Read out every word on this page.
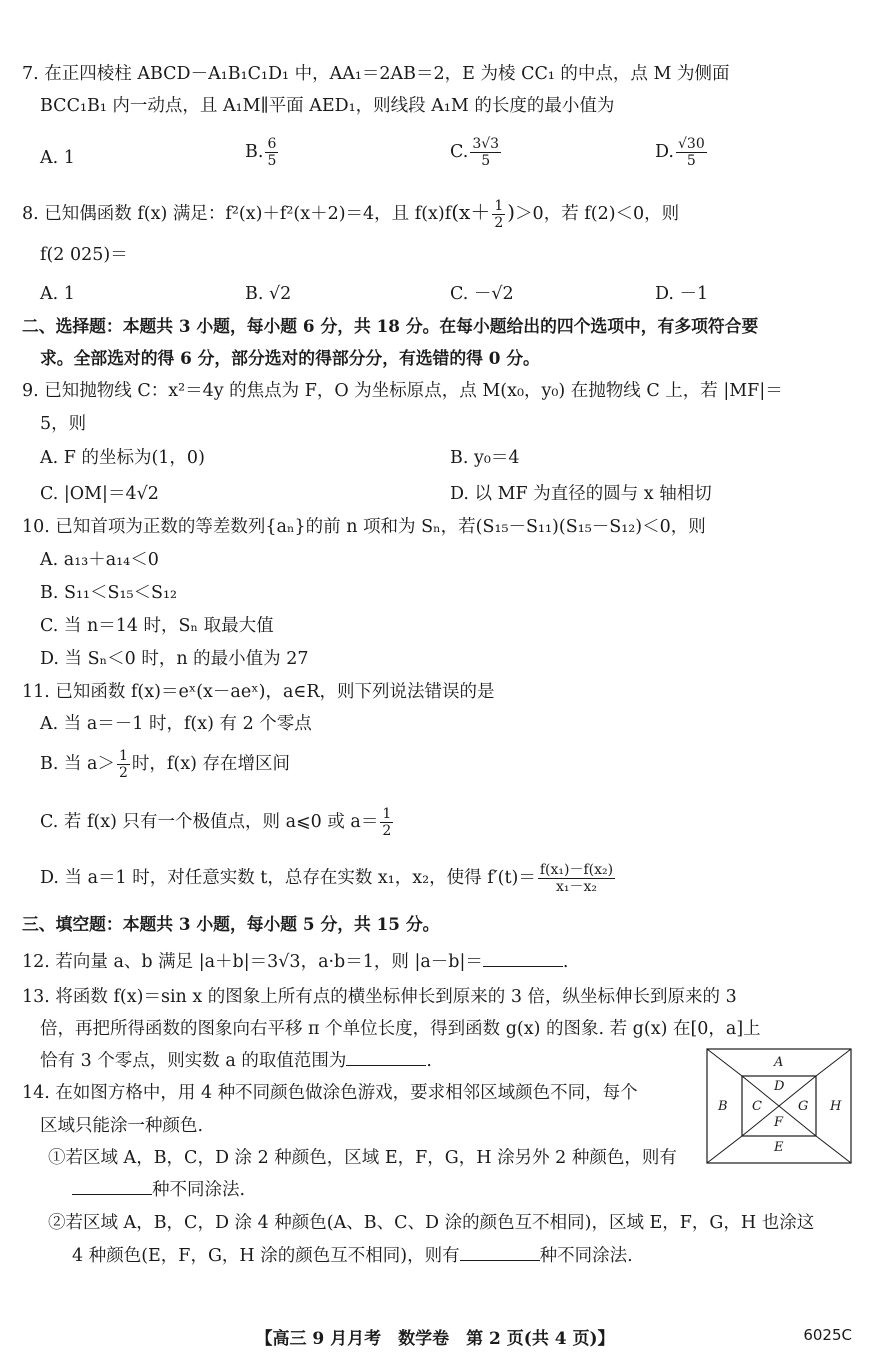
7. 在正四棱柱 ABCD－A₁B₁C₁D₁ 中，AA₁＝2AB＝2，E 为棱 CC₁ 的中点，点 M 为侧面
BCC₁B₁ 内一动点，且 A₁M∥平面 AED₁，则线段 A₁M 的长度的最小值为
A. 1	B. $\frac{6}{5}$	C. $\frac{3√3}{5}$	D. $\frac{√30}{5}$
8. 已知偶函数 f(x) 满足：f²(x)＋f²(x＋2)＝4，且 $f(x)f(x+ \frac{1}{2} )>0$，若 f(2)＜0，则
f(2 025)＝
A. 1	B. √2	C. －√2	D. －1
二、选择题：本题共 3 小题，每小题 6 分，共 18 分。在每小题给出的四个选项中，有多项符合要
求。全部选对的得 6 分，部分选对的得部分分，有选错的得 0 分。
9. 已知抛物线 C：x²＝4y 的焦点为 F，O 为坐标原点，点 M(x₀，y₀) 在抛物线 C 上，若 |MF|＝
5，则
A. F 的坐标为(1，0)	B. y₀＝4
C. |OM|＝4√2	D. 以 MF 为直径的圆与 x 轴相切
10. 已知首项为正数的等差数列{aₙ}的前 n 项和为 Sₙ，若(S₁₅－S₁₁)(S₁₅－S₁₂)＜0，则
A. a₁₃＋a₁₄＜0
B. S₁₁＜S₁₅＜S₁₂
C. 当 n＝14 时，Sₙ 取最大值
D. 当 Sₙ＜0 时，n 的最小值为 27
11. 已知函数 f(x)＝eˣ(x－aeˣ)，a∈R，则下列说法错误的是
A. 当 a＝－1 时，f(x) 有 2 个零点
B. 当 $a> \frac{1}{2}$ 时，f(x) 存在增区间
C. 若 f(x) 只有一个极值点，则 a⩽0 或 $a= \frac{1}{2}$
D. 当 a＝1 时，对任意实数 t，总存在实数 x₁，x₂，使得 $f'(t)= \frac{\text{f(x₁)－f(x₂)}}{\text{x₁－x₂}}$
三、填空题：本题共 3 小题，每小题 5 分，共 15 分。
12. 若向量 a、b 满足 |a＋b|＝3√3，a·b＝1，则 |a－b|＝	.
13. 将函数 f(x)＝sin x 的图象上所有点的横坐标伸长到原来的 3 倍，纵坐标伸长到原来的 3
倍，再把所得函数的图象向右平移 π 个单位长度，得到函数 g(x) 的图象. 若 g(x) 在[0，a]上
恰有 3 个零点，则实数 a 的取值范围为	.
14. 在如图方格中，用 4 种不同颜色做涂色游戏，要求相邻区域颜色不同，每个
区域只能涂一种颜色.
①若区域 A，B，C，D 涂 2 种颜色，区域 E，F，G，H 涂另外 2 种颜色，则有
种不同涂法.
②若区域 A，B，C，D 涂 4 种颜色(A、B、C、D 涂的颜色互不相同)，区域 E，F，G，H 也涂这
4 种颜色(E，F，G，H 涂的颜色互不相同)，则有	种不同涂法.
A
B C
D
E
F
G H
【高三 9 月月考　数学卷　第 2 页(共 4 页)】	6025C
